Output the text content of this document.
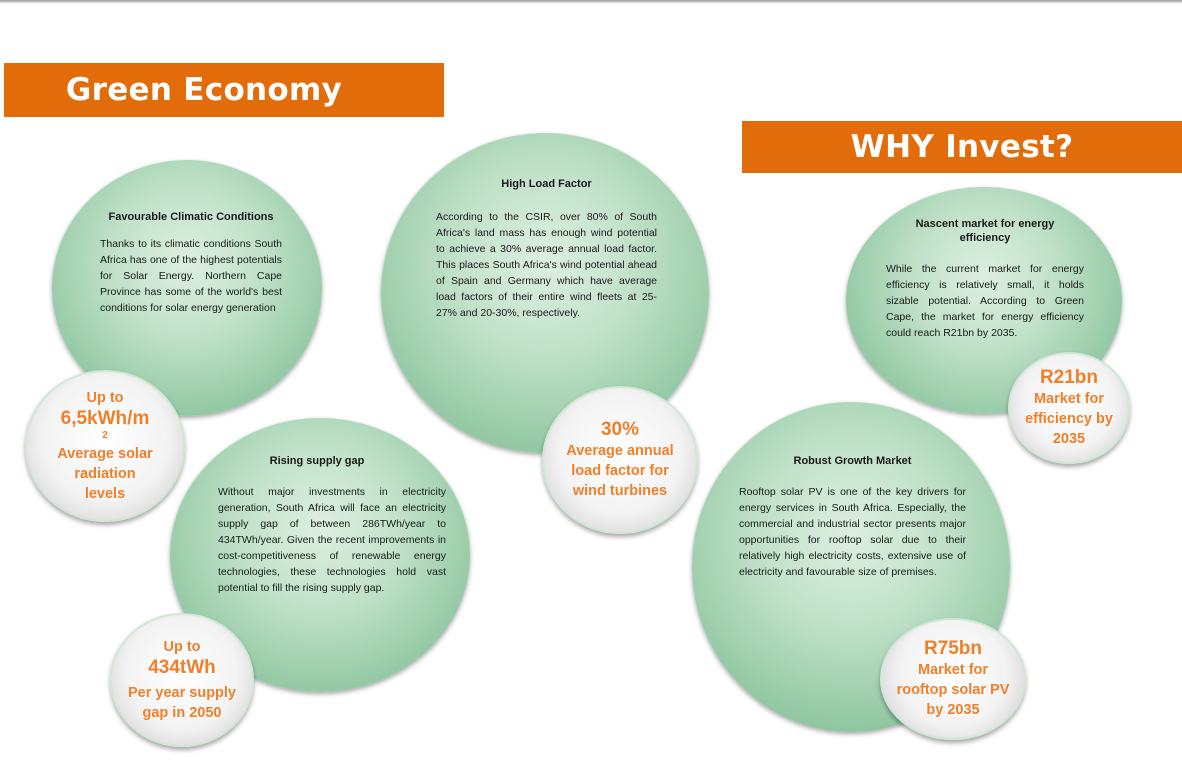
Green Economy
WHY Invest?
Favourable Climatic Conditions

Thanks to its climatic conditions South Africa has one of the highest potentials for Solar Energy. Northern Cape Province has some of the world's best conditions for solar energy generation

High Load Factor

According to the CSIR, over 80% of South Africa's land mass has enough wind potential to achieve a 30% average annual load factor. This places South Africa's wind potential ahead of Spain and Germany which have average load factors of their entire wind fleets at 25-27% and 20-30%, respectively.

Nascent market for energy efficiency

While the current market for energy efficiency is relatively small, it holds sizable potential. According to Green Cape, the market for energy efficiency could reach R21bn by 2035.

Rising supply gap

Without major investments in electricity generation, South Africa will face an electricity supply gap of between 286TWh/year to 434TWh/year. Given the recent improvements in cost-competitiveness of renewable energy technologies, these technologies hold vast potential to fill the rising supply gap.

Robust Growth Market

Rooftop solar PV is one of the key drivers for energy services in South Africa. Especially, the commercial and industrial sector presents major opportunities for rooftop solar due to their relatively high electricity costs, extensive use of electricity and favourable size of premises.

Up to
6,5kWh/m
2
Average solar radiation levels
30%
Average annual load factor for wind turbines
R21bn
Market for efficiency by 2035
Up to
434tWh
Per year supply gap in 2050
R75bn
Market for rooftop solar PV by 2035
